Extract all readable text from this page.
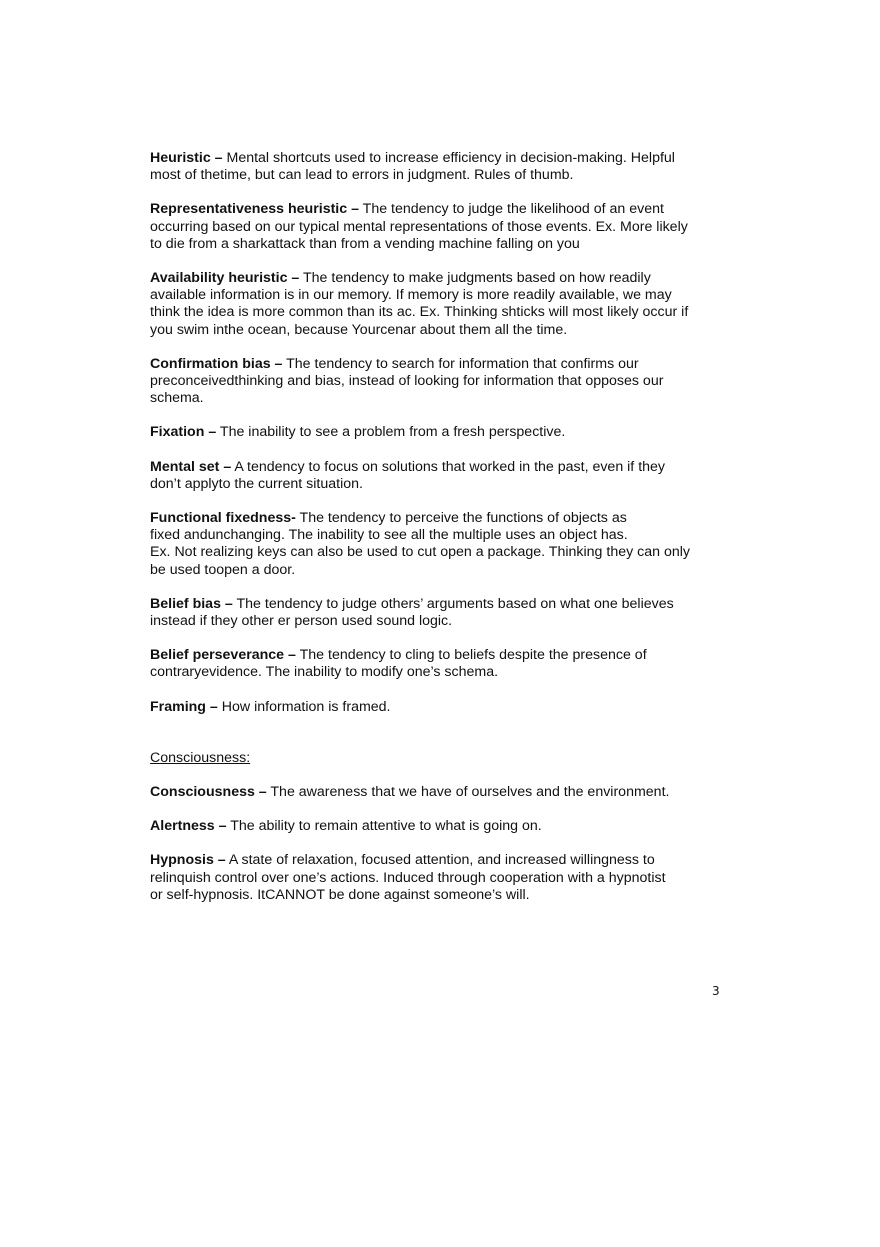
Heuristic – Mental shortcuts used to increase efficiency in decision-making. Helpful
most of thetime, but can lead to errors in judgment. Rules of thumb.
Representativeness heuristic – The tendency to judge the likelihood of an event
occurring based on our typical mental representations of those events. Ex. More likely
to die from a sharkattack than from a vending machine falling on you
Availability heuristic – The tendency to make judgments based on how readily
available information is in our memory. If memory is more readily available, we may
think the idea is more common than its ac. Ex. Thinking shticks will most likely occur if
you swim inthe ocean, because Yourcenar about them all the time.
Confirmation bias – The tendency to search for information that confirms our
preconceivedthinking and bias, instead of looking for information that opposes our
schema.
Fixation – The inability to see a problem from a fresh perspective.
Mental set – A tendency to focus on solutions that worked in the past, even if they
don’t applyto the current situation.
Functional fixedness- The tendency to perceive the functions of objects as
fixed andunchanging. The inability to see all the multiple uses an object has.
Ex. Not realizing keys can also be used to cut open a package. Thinking they can only
be used toopen a door.
Belief bias – The tendency to judge others’ arguments based on what one believes
instead if they other er person used sound logic.
Belief perseverance – The tendency to cling to beliefs despite the presence of
contraryevidence. The inability to modify one’s schema.
Framing – How information is framed.
Consciousness:
Consciousness – The awareness that we have of ourselves and the environment.
Alertness – The ability to remain attentive to what is going on.
Hypnosis – A state of relaxation, focused attention, and increased willingness to
relinquish control over one’s actions. Induced through cooperation with a hypnotist
or self-hypnosis. ItCANNOT be done against someone’s will.
3
